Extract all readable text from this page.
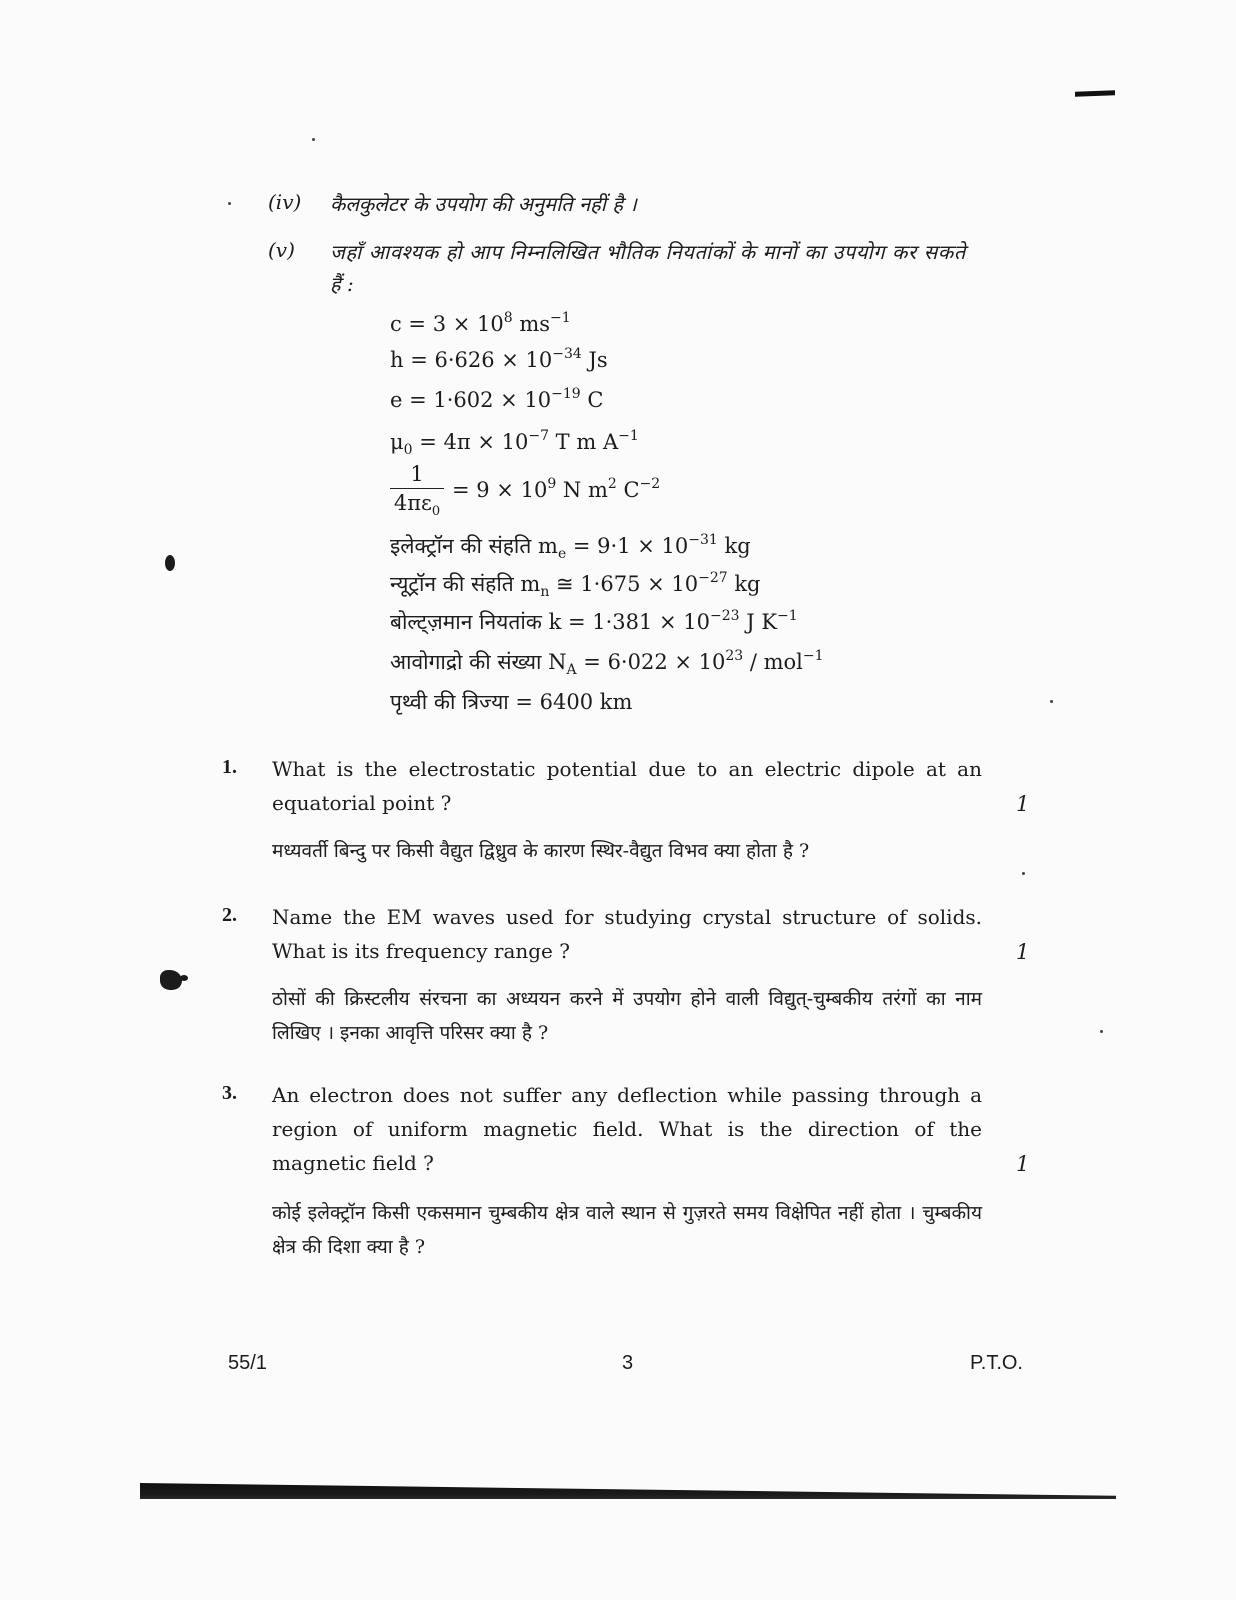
(iv) कैलकुलेटर के उपयोग की अनुमति नहीं है ।
(v) जहाँ आवश्यक हो आप निम्नलिखित भौतिक नियतांकों के मानों का उपयोग कर सकते
हैं :
$c = 3 \times 10^8$ $ms^{-1}$
$h = 6\cdot 626 \times 10^{-34}$ Js
$e = 1\cdot 602 \times 10^{-19}$ C
$\mu_0 = 4\pi \times 10^{-7}$ T m $A^{-1}$
$\frac{1}{4\pi\varepsilon_0} = 9 \times 10^9$ N $m^2$ $C^{-2}$
इलेक्ट्रॉन की संहति $m_e = 9\cdot 1 \times 10^{-31}$ kg
न्यूट्रॉन की संहति $m_n$ ≅ $1\cdot 675 \times 10^{-27}$ kg
बोल्ट्ज़मान नियतांक $k = 1\cdot 381 \times 10^{-23}$ J $K^{-1}$
आवोगाद्रो की संख्या $N_A = 6\cdot 022 \times 10^{23} / mol^{-1}$
पृथ्वी की त्रिज्या = 6400 km
1. What is the electrostatic potential due to an electric dipole at an equatorial point ?	1
मध्यवर्ती बिन्दु पर किसी वैद्युत द्विध्रुव के कारण स्थिर-वैद्युत विभव क्या होता है ?
2. Name the EM waves used for studying crystal structure of solids. What is its frequency range ?	1
ठोसों की क्रिस्टलीय संरचना का अध्ययन करने में उपयोग होने वाली विद्युत्-चुम्बकीय तरंगों का नाम लिखिए । इनका आवृत्ति परिसर क्या है ?
3. An electron does not suffer any deflection while passing through a region of uniform magnetic field. What is the direction of the magnetic field ?	1
कोई इलेक्ट्रॉन किसी एकसमान चुम्बकीय क्षेत्र वाले स्थान से गुज़रते समय विक्षेपित नहीं होता । चुम्बकीय क्षेत्र की दिशा क्या है ?
55/1	3	P.T.O.
